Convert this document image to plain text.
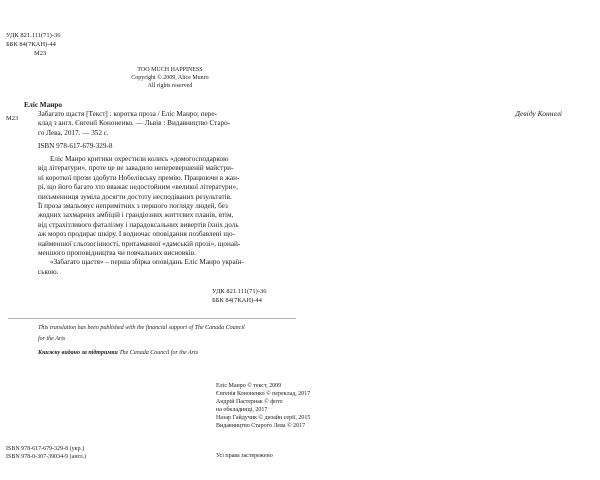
УДК 821.111(71)-36
ББК 84(7КАН)-44
М23
TOO MUCH HAPPINESS
Copyright © 2009, Alice Munro
All rights reserved
Девіду Коннелі
М23
Еліс Манро
Забагато щастя [Текст] : коротка проза / Еліс Манро; пере-
клад з англ. Євгенії Кононенко. — Львів : Видавництво Старо-
го Лева, 2017. — 352 с.
ISBN 978-617-679-329-8
Еліс Манро критики охрестили колись «домогосподаркою
від літератури», проте це не завадило неперевершеній майстри-
ні короткої прози здобути Нобелівську премію. Працюючи в жан-
рі, що його багато хто вважає недостойним «великої літератури»,
письменниця зуміла досягти достоту несподіваних результатів.
Її проза змальовує непримітних з першого погляду людей, без
жодних захмарних амбіцій і грандіозних життєвих планів, втім,
від страхітливого фаталізму і парадоксальних вивертів їхніх доль
аж мороз продирає шкіру. І водночас оповідання позбавлені що-
найменшої сльозогінності, притаманної «дамській прозі», щонай-
меншого проповідництва чи повчальних висновків.
«Забагато щастя» – перша збірка оповідань Еліс Манро україн-
ською.
УДК 821.111(71)-36
ББК 84(7КАН)-44
This translation has been published with the financial support of The Canada Council
for the Arts
Книжку видано за підтримки The Canada Council for the Arts
Еліс Манро © текст, 2009
Євгенія Кононенко © переклад, 2017
Андрій Пастернак © фото
на обкладинці, 2017
Назар Гайдучик © дизайн серії, 2015
Видавництво Старого Лева © 2017
ISBN 978-617-679-329-8 (укр.)
ISBN 978-0-307-39034-9 (англ.)	Усі права застережено
